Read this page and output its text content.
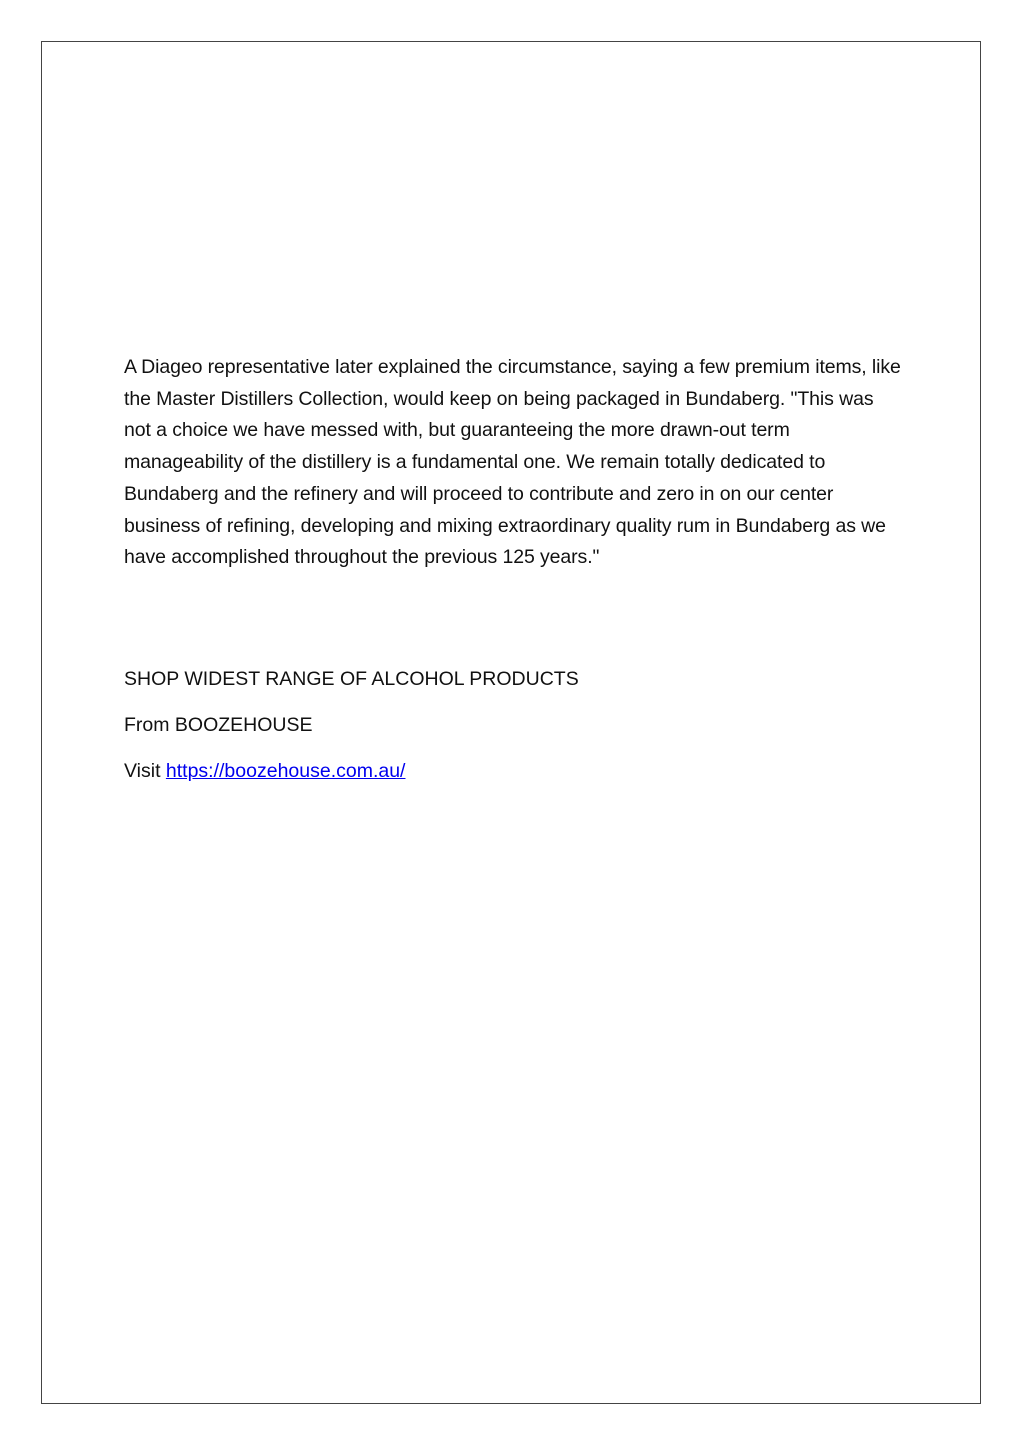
A Diageo representative later explained the circumstance, saying a few premium items, like the Master Distillers Collection, would keep on being packaged in Bundaberg. "This was not a choice we have messed with, but guaranteeing the more drawn-out term manageability of the distillery is a fundamental one. We remain totally dedicated to Bundaberg and the refinery and will proceed to contribute and zero in on our center business of refining, developing and mixing extraordinary quality rum in Bundaberg as we have accomplished throughout the previous 125 years."

SHOP WIDEST RANGE OF ALCOHOL PRODUCTS

From BOOZEHOUSE

Visit https://boozehouse.com.au/
